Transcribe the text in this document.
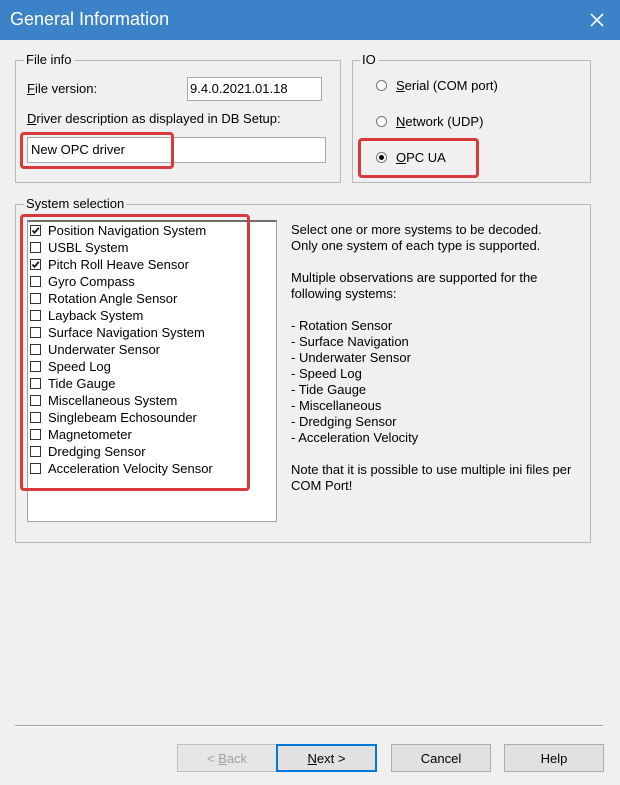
General Information
File info
File version:	9.4.0.2021.01.18
Driver description as displayed in DB Setup:
New OPC driver
IO
Serial (COM port)
Network (UDP)
OPC UA
System selection
Position Navigation System
USBL System
Pitch Roll Heave Sensor
Gyro Compass
Rotation Angle Sensor
Layback System
Surface Navigation System
Underwater Sensor
Speed Log
Tide Gauge
Miscellaneous System
Singlebeam Echosounder
Magnetometer
Dredging Sensor
Acceleration Velocity Sensor
Select one or more systems to be decoded.
Only one system of each type is supported.
Multiple observations are supported for the
following systems:
- Rotation Sensor
- Surface Navigation
- Underwater Sensor
- Speed Log
- Tide Gauge
- Miscellaneous
- Dredging Sensor
- Acceleration Velocity
Note that it is possible to use multiple ini files per
COM Port!
< Back	Next >	Cancel	Help
